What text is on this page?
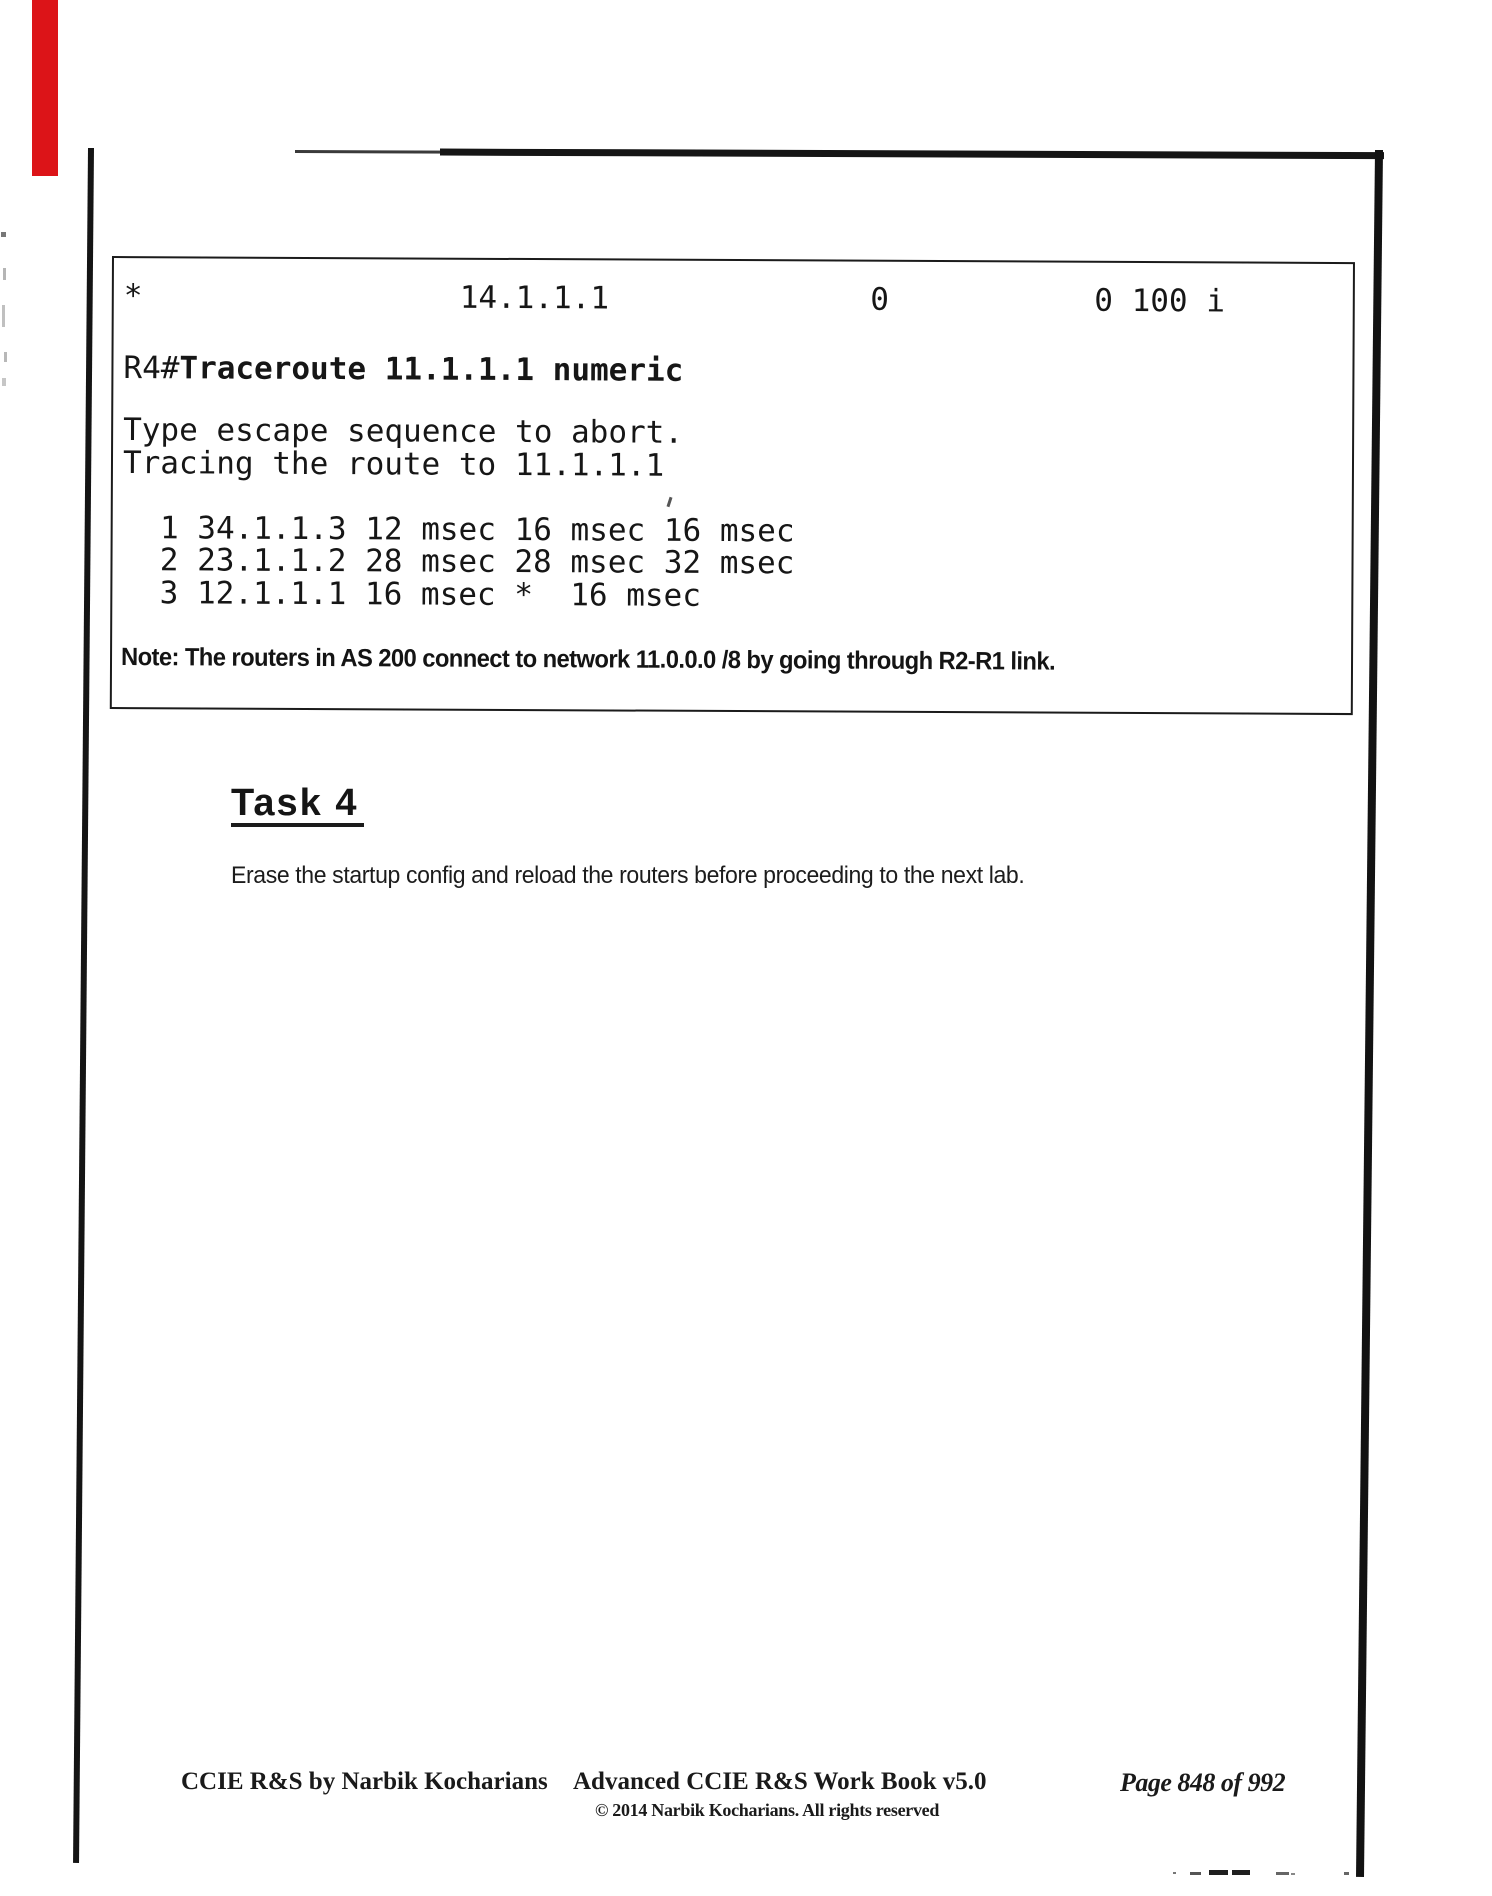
*                 14.1.1.1              0           0 100 i
R4#Traceroute 11.1.1.1 numeric
Type escape sequence to abort.
Tracing the route to 11.1.1.1

1 34.1.1.3 12 msec 16 msec 16 msec
2 23.1.1.2 28 msec 28 msec 32 msec
3 12.1.1.1 16 msec *  16 msec
Note: The routers in AS 200 connect to network 11.0.0.0 /8 by going through R2-R1 link.
Task 4
Erase the startup config and reload the routers before proceeding to the next lab.
CCIE R&S by Narbik Kocharians Advanced CCIE R&S Work Book v5.0
© 2014 Narbik Kocharians. All rights reserved
Page 848 of 992
